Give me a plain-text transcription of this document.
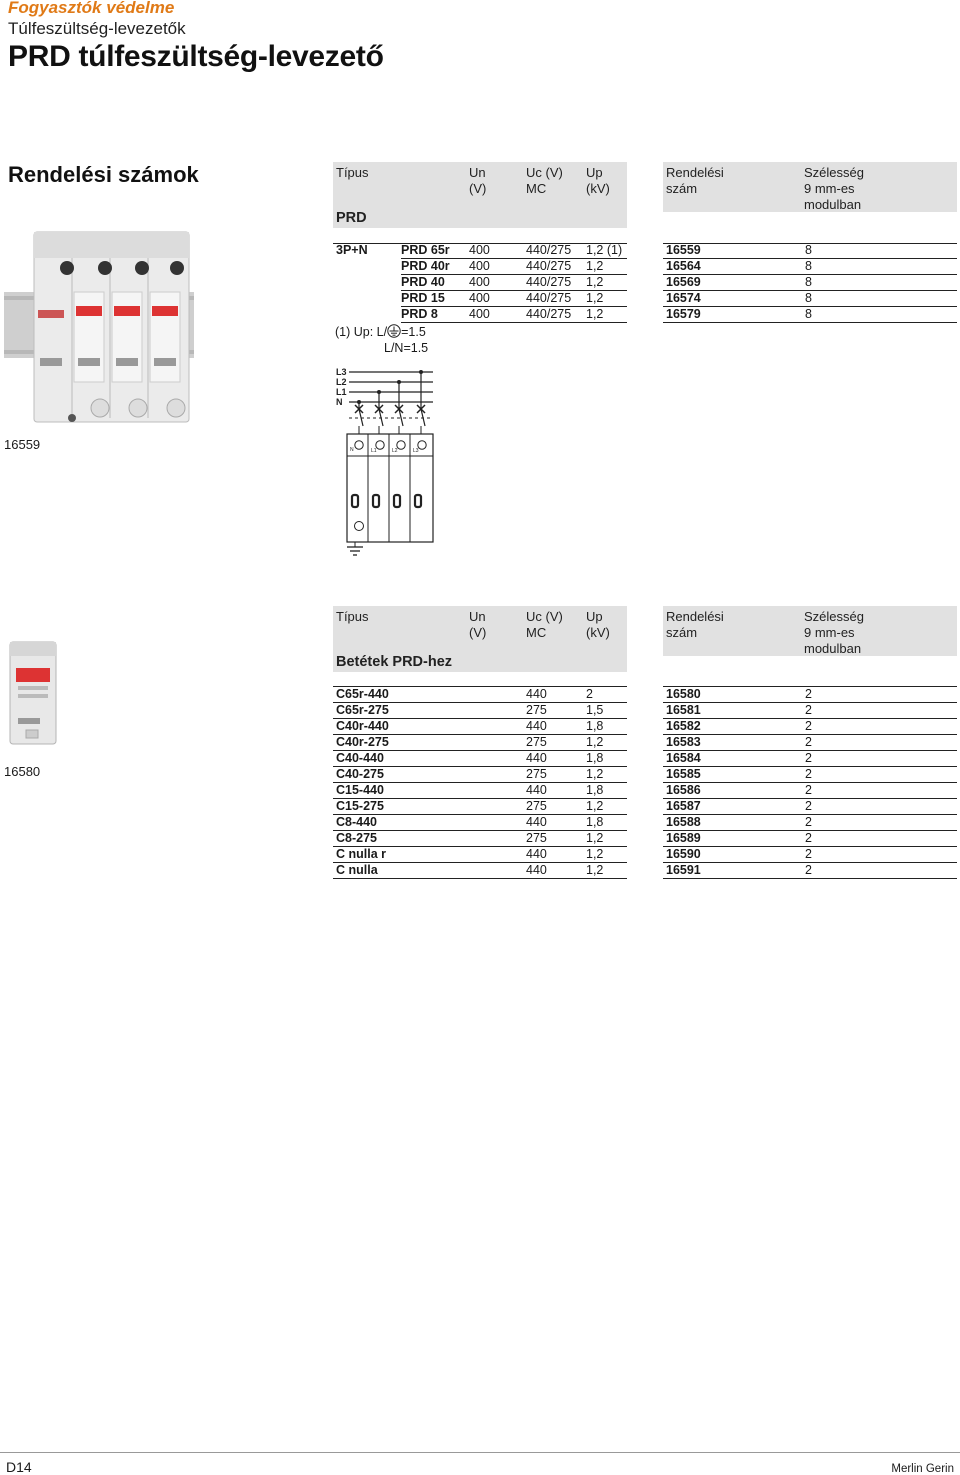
Fogyasztók védelme
Túlfeszültség-levezetők
PRD túlfeszültség-levezető
Rendelési számok	Típus	Un
(V)
Uc (V)
MC
Up
(kV)
PRD
Rendelési
szám
Szélesség
9 mm-es
modulban
3P+N	PRD 65r 400	440/275 1,2 (1)	16559	8
PRD 40r 400	440/275 1,2	16564	8
PRD 40 400	440/275 1,2	16569	8
PRD 15 400	440/275 1,2	16574	8
PRD 8 400	440/275 1,2	16579	8
(1) Up: L/ =1.5
L/N=1.5
16559
L3
L2
L1
N
N	L1	L2	L3
Típus	Un
(V)
Uc (V)
MC
Up
(kV)
Betétek PRD-hez
Rendelési
szám
Szélesség
9 mm-es
modulban
C65r-440	440	2	16580	2
C65r-275	275	1,5	16581	2
C40r-440	440	1,8	16582	2
C40r-275	275	1,2	16583	2
C40-440	440	1,8	16584	2
C40-275	275	1,2	16585	2
C15-440	440	1,8	16586	2
C15-275	275	1,2	16587	2
C8-440	440	1,8	16588	2
C8-275	275	1,2	16589	2
C nulla r	440	1,2	16590	2
C nulla	440	1,2	16591	2
16580
D14	Merlin Gerin
